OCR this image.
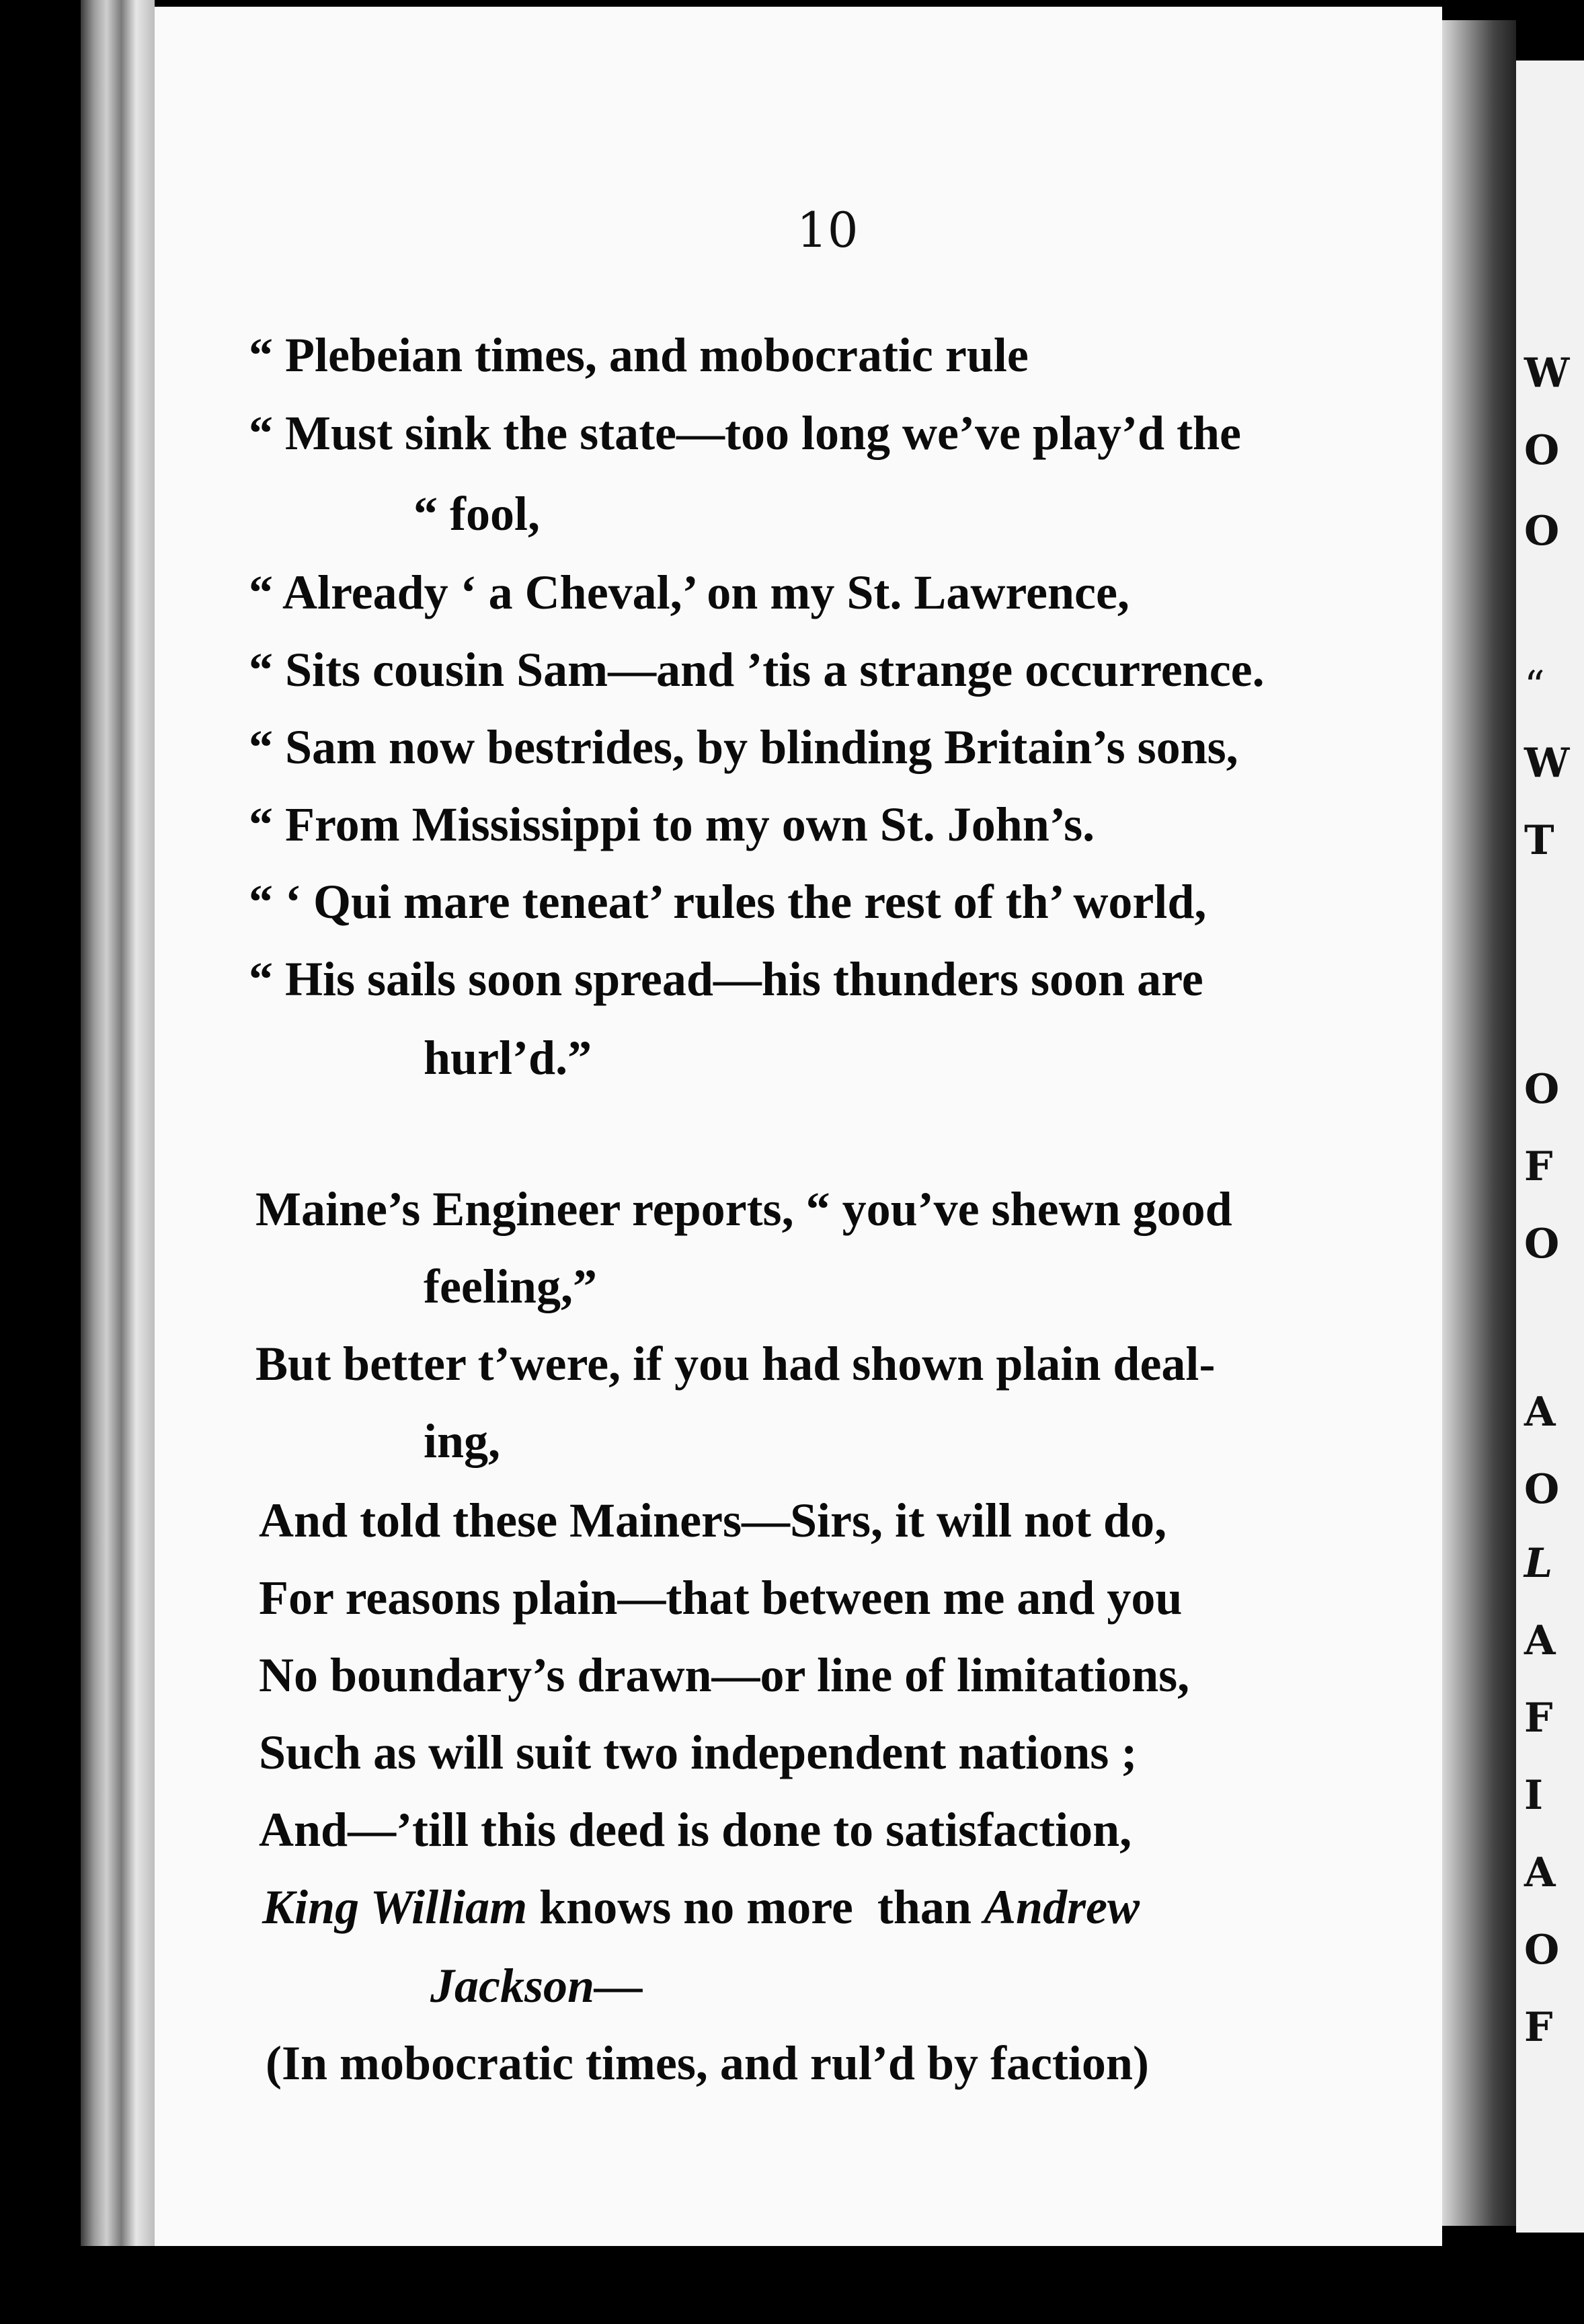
W
O
O
“
W
T
O
F
O
A
O
L
A
F
I
A
O
F
10
“ Plebeian times, and mobocratic rule
“ Must sink the state—too long we’ve play’d the
“ fool,
“ Already ‘ a Cheval,’ on my St. Lawrence,
“ Sits cousin Sam—and ’tis a strange occurrence.
“ Sam now bestrides, by blinding Britain’s sons,
“ From Mississippi to my own St. John’s.
“ ‘ Qui mare teneat’ rules the rest of th’ world,
“ His sails soon spread—his thunders soon are
hurl’d.”
Maine’s Engineer reports, “ you’ve shewn good
feeling,”
But better t’were, if you had shown plain deal-
ing,
And told these Mainers—Sirs, it will not do,
For reasons plain—that between me and you
No boundary’s drawn—or line of limitations,
Such as will suit two independent nations ;
And—’till this deed is done to satisfaction,
King William knows no more  than Andrew
Jackson—
(In mobocratic times, and rul’d by faction)
